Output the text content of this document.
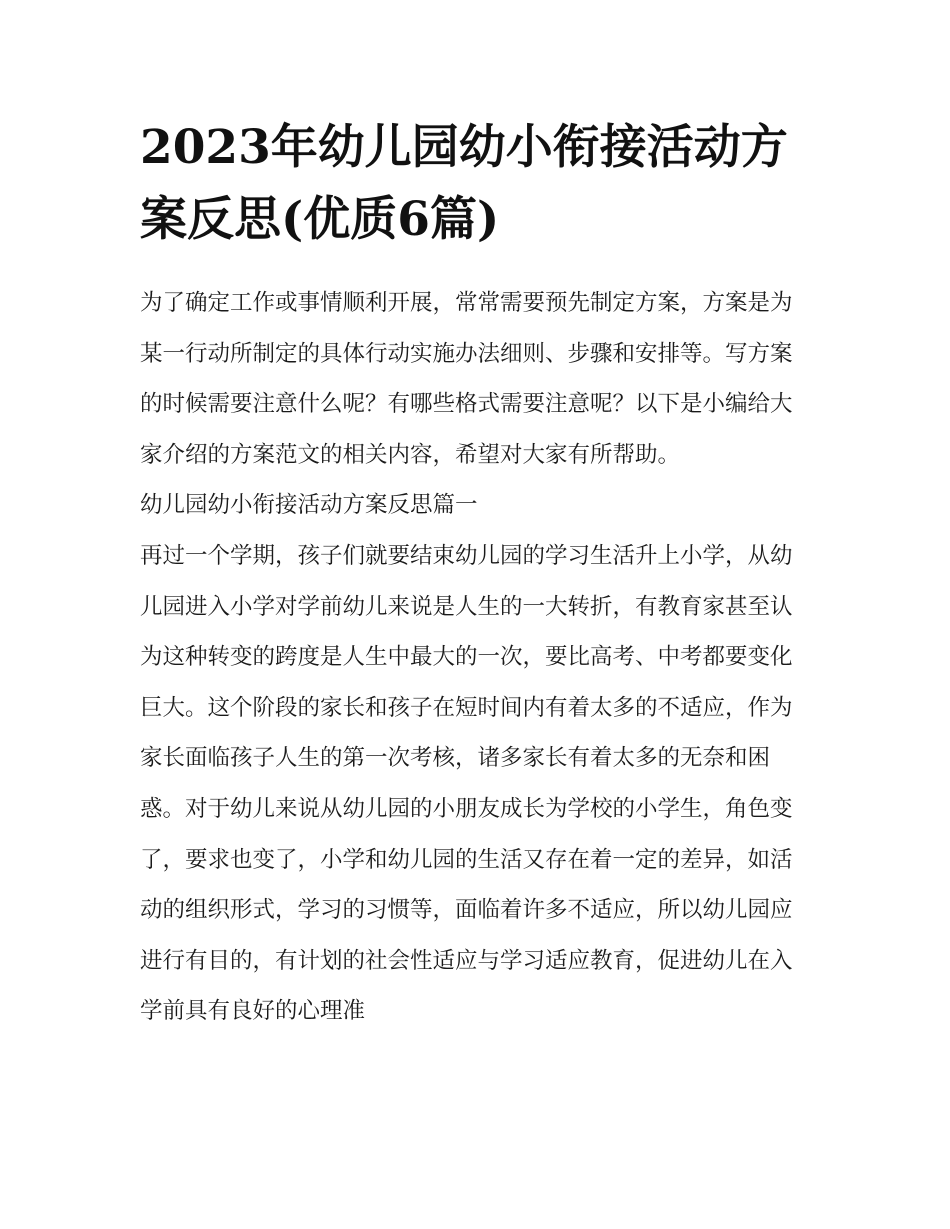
2023年幼儿园幼小衔接活动方案反思(优质6篇)

为了确定工作或事情顺利开展，常常需要预先制定方案，方案是为某一行动所制定的具体行动实施办法细则、步骤和安排等。写方案的时候需要注意什么呢？有哪些格式需要注意呢？以下是小编给大家介绍的方案范文的相关内容，希望对大家有所帮助。

幼儿园幼小衔接活动方案反思篇一

再过一个学期，孩子们就要结束幼儿园的学习生活升上小学，从幼儿园进入小学对学前幼儿来说是人生的一大转折，有教育家甚至认为这种转变的跨度是人生中最大的一次，要比高考、中考都要变化巨大。这个阶段的家长和孩子在短时间内有着太多的不适应，作为家长面临孩子人生的第一次考核，诸多家长有着太多的无奈和困惑。对于幼儿来说从幼儿园的小朋友成长为学校的小学生，角色变了，要求也变了，小学和幼儿园的生活又存在着一定的差异，如活动的组织形式，学习的习惯等，面临着许多不适应，所以幼儿园应进行有目的，有计划的社会性适应与学习适应教育，促进幼儿在入学前具有良好的心理准
